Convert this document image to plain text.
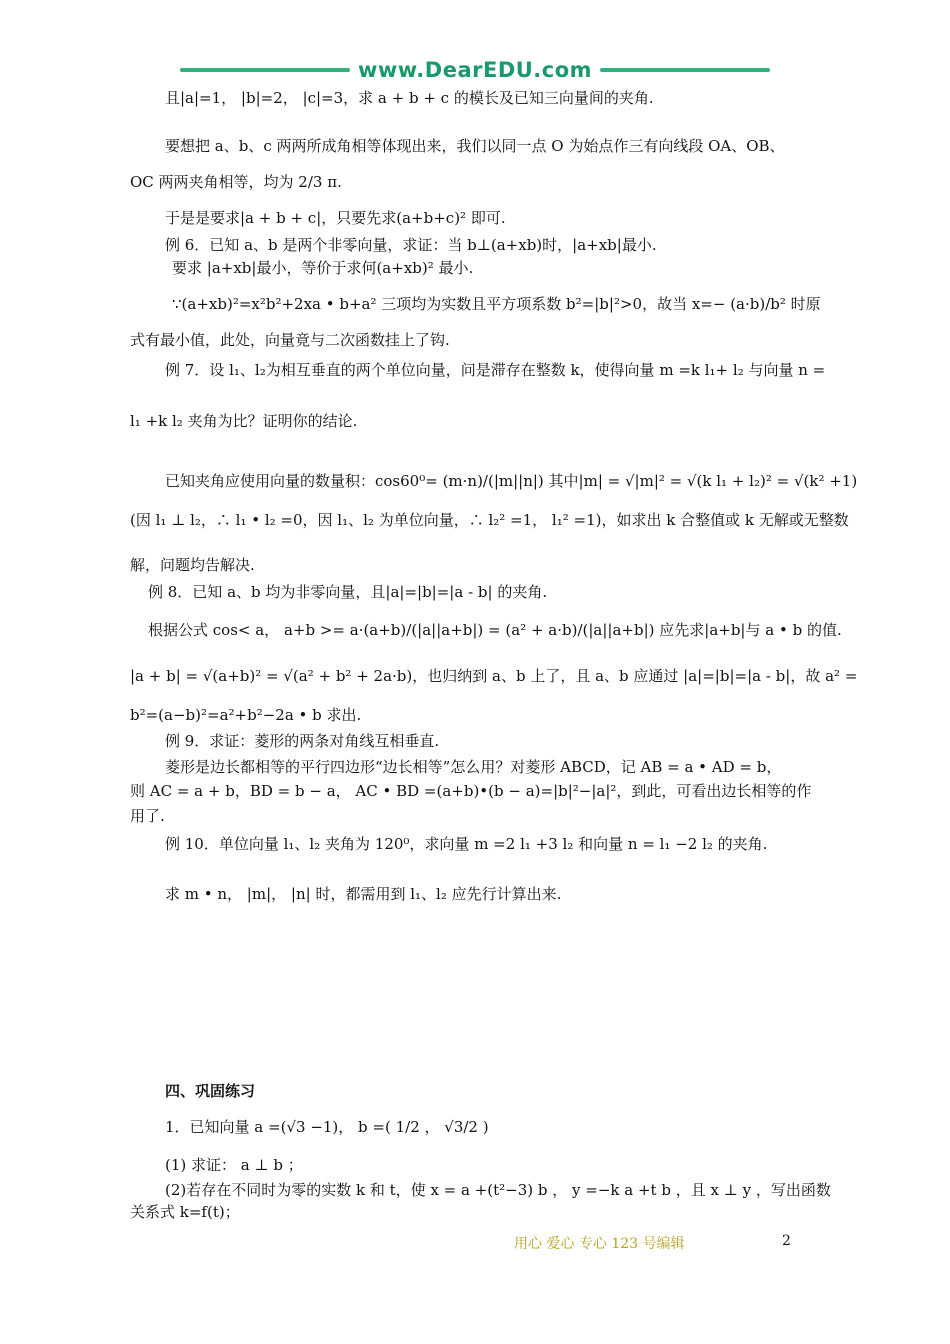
www.DearEDU.com
且|a|=1， |b|=2， |c|=3，求 a + b + c 的模长及已知三向量间的夹角.
要想把 a、b、c 两两所成角相等体现出来，我们以同一点 O 为始点作三有向线段 OA、OB、
OC 两两夹角相等，均为 2/3 π.
于是是要求|a + b + c|，只要先求(a+b+c)² 即可.
例 6．已知 a、b 是两个非零向量，求证：当 b⊥(a+xb)时，|a+xb|最小.
要求 |a+xb|最小，等价于求何(a+xb)² 最小.
∵(a+xb)²=x²b²+2xa • b+a² 三项均为实数且平方项系数 b²=|b|²>0，故当 x=− (a·b)/b² 时原
式有最小值，此处，向量竟与二次函数挂上了钩.
例 7．设 l₁、l₂为相互垂直的两个单位向量，问是滞存在整数 k，使得向量 m =k l₁+ l₂ 与向量 n =
l₁ +k l₂ 夹角为比？证明你的结论.
已知夹角应使用向量的数量积：cos60⁰= (m·n)/(|m||n|) 其中|m| = √|m|² = √(k l₁ + l₂)² = √(k² +1)
(因 l₁ ⊥ l₂，∴ l₁ • l₂ =0，因 l₁、l₂ 为单位向量，∴ l₂² =1， l₁² =1)，如求出 k 合整值或 k 无解或无整数
解，问题均告解决.
例 8．已知 a、b 均为非零向量，且|a|=|b|=|a - b| 的夹角.
根据公式 cos< a， a+b >= a·(a+b)/(|a||a+b|) = (a² + a·b)/(|a||a+b|) 应先求|a+b|与 a • b 的值.
|a + b| = √(a+b)² = √(a² + b² + 2a·b)，也归纳到 a、b 上了，且 a、b 应通过 |a|=|b|=|a - b|，故 a² =
b²=(a−b)²=a²+b²−2a • b 求出.
例 9．求证：菱形的两条对角线互相垂直.
菱形是边长都相等的平行四边形“边长相等”怎么用？对菱形 ABCD，记 AB = a • AD = b，
则 AC = a + b，BD = b − a， AC • BD =(a+b)•(b − a)=|b|²−|a|²，到此，可看出边长相等的作
用了.
例 10．单位向量 l₁、l₂ 夹角为 120⁰，求向量 m =2 l₁ +3 l₂ 和向量 n = l₁ −2 l₂ 的夹角.
求 m • n， |m|， |n| 时，都需用到 l₁、l₂ 应先行计算出来.
四、巩固练习
1．已知向量 a =(√3 −1)， b =( 1/2 ， √3/2 )
(1) 求证： a ⊥ b ；
(2)若存在不同时为零的实数 k 和 t，使 x = a +(t²−3) b ， y =−k a +t b ，且 x ⊥ y ，写出函数
关系式 k=f(t)；
用心 爱心 专心 123 号编辑	2
